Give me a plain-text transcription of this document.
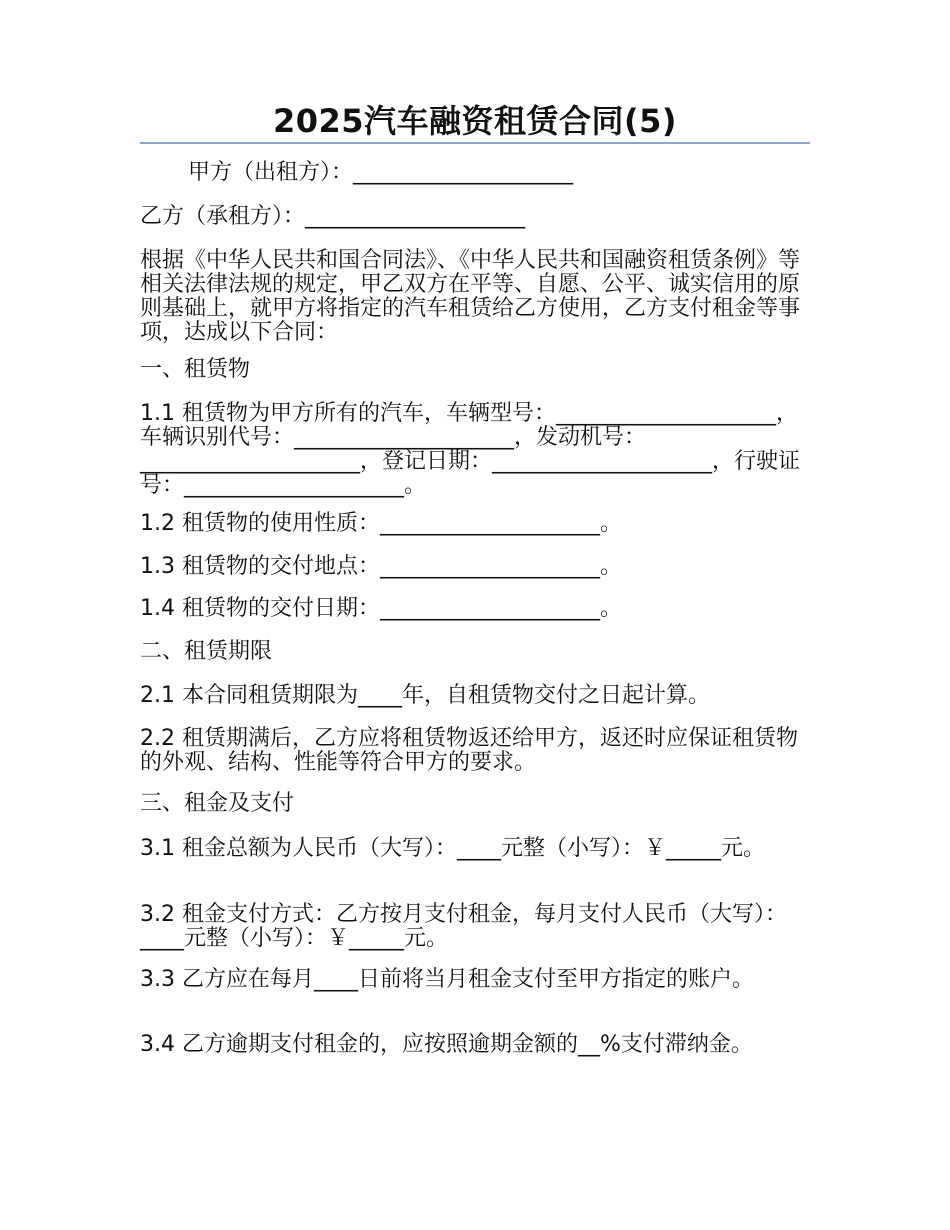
2025汽车融资租赁合同(5)
甲方（出租方）：____________________
乙方（承租方）：____________________
根据《中华人民共和国合同法》、《中华人民共和国融资租赁条例》等相关法律法规的规定，甲乙双方在平等、自愿、公平、诚实信用的原则基础上，就甲方将指定的汽车租赁给乙方使用，乙方支付租金等事项，达成以下合同：
一、租赁物
1.1 租赁物为甲方所有的汽车，车辆型号：____________________，车辆识别代号：____________________，发动机号：____________________，登记日期：____________________，行驶证号：____________________。
1.2 租赁物的使用性质：____________________。
1.3 租赁物的交付地点：____________________。
1.4 租赁物的交付日期：____________________。
二、租赁期限
2.1 本合同租赁期限为____年，自租赁物交付之日起计算。
2.2 租赁期满后，乙方应将租赁物返还给甲方，返还时应保证租赁物的外观、结构、性能等符合甲方的要求。
三、租金及支付
3.1 租金总额为人民币（大写）：____元整（小写）：￥_____元。
3.2 租金支付方式：乙方按月支付租金，每月支付人民币（大写）：____元整（小写）：￥_____元。
3.3 乙方应在每月____日前将当月租金支付至甲方指定的账户。
3.4 乙方逾期支付租金的，应按照逾期金额的__%支付滞纳金。
